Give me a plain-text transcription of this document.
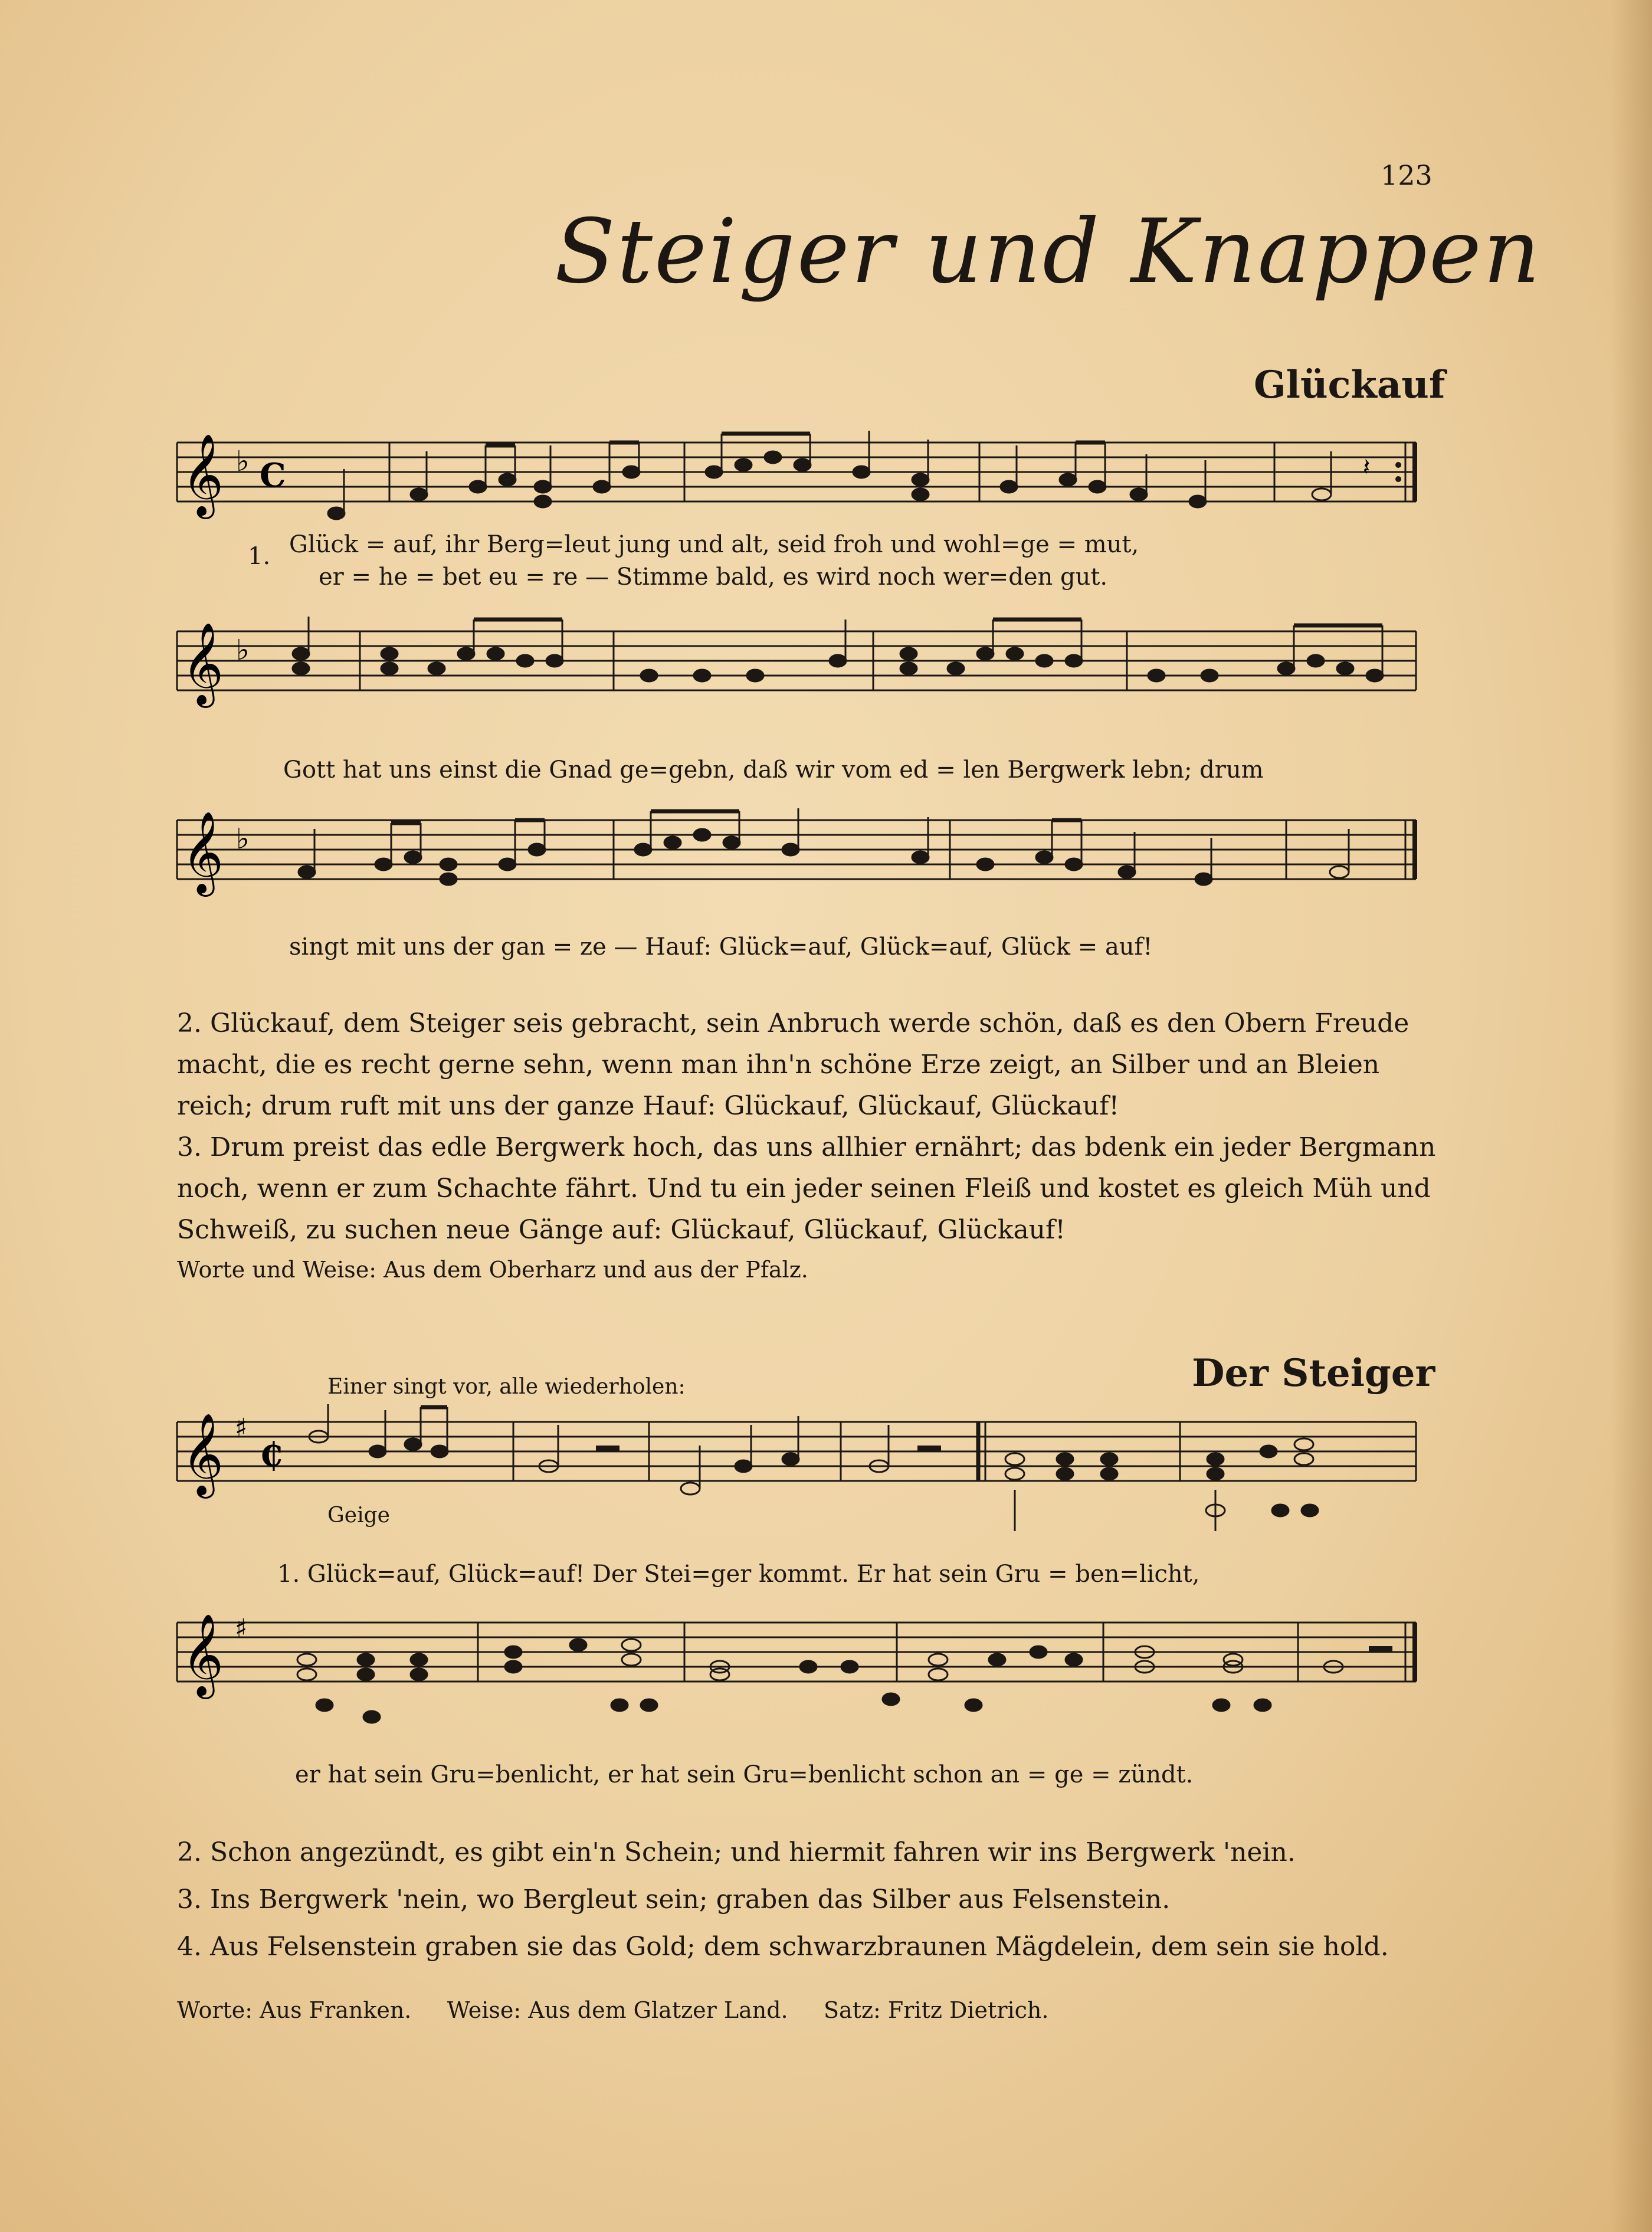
123
Steiger und Knappen
Glückauf
𝄞 ♭ C	𝄽
1. Glück = auf, ihr Berg=leut jung und alt, seid froh und wohl=ge = mut,
er = he = bet eu = re — Stimme bald, es wird noch wer=den gut.
𝄞 ♭
Gott hat uns einst die Gnad ge=gebn, daß wir vom ed = len Bergwerk lebn; drum
𝄞 ♭
singt mit uns der gan = ze — Hauf: Glück=auf, Glück=auf, Glück = auf!
2. Glückauf, dem Steiger seis gebracht, sein Anbruch werde schön, daß es den Obern Freude macht, die es recht gerne sehn, wenn man ihn'n schöne Erze zeigt, an Silber und an Bleien reich; drum ruft mit uns der ganze Hauf: Glückauf, Glückauf, Glückauf!
3. Drum preist das edle Bergwerk hoch, das uns allhier ernährt; das bdenk ein jeder Bergmann noch, wenn er zum Schachte fährt. Und tu ein jeder seinen Fleiß und kostet es gleich Müh und Schweiß, zu suchen neue Gänge auf: Glückauf, Glückauf, Glückauf!
Worte und Weise: Aus dem Oberharz und aus der Pfalz.
Einer singt vor, alle wiederholen:	Der Steiger
𝄞 ♯
₵
Geige
1. Glück=auf, Glück=auf! Der Stei=ger kommt. Er hat sein Gru = ben=licht,
𝄞 ♯
er hat sein Gru=benlicht, er hat sein Gru=benlicht schon an = ge = zündt.
2. Schon angezündt, es gibt ein'n Schein; und hiermit fahren wir ins Bergwerk 'nein.
3. Ins Bergwerk 'nein, wo Bergleut sein; graben das Silber aus Felsenstein.
4. Aus Felsenstein graben sie das Gold; dem schwarzbraunen Mägdelein, dem sein sie hold.
Worte: Aus Franken.     Weise: Aus dem Glatzer Land.     Satz: Fritz Dietrich.
